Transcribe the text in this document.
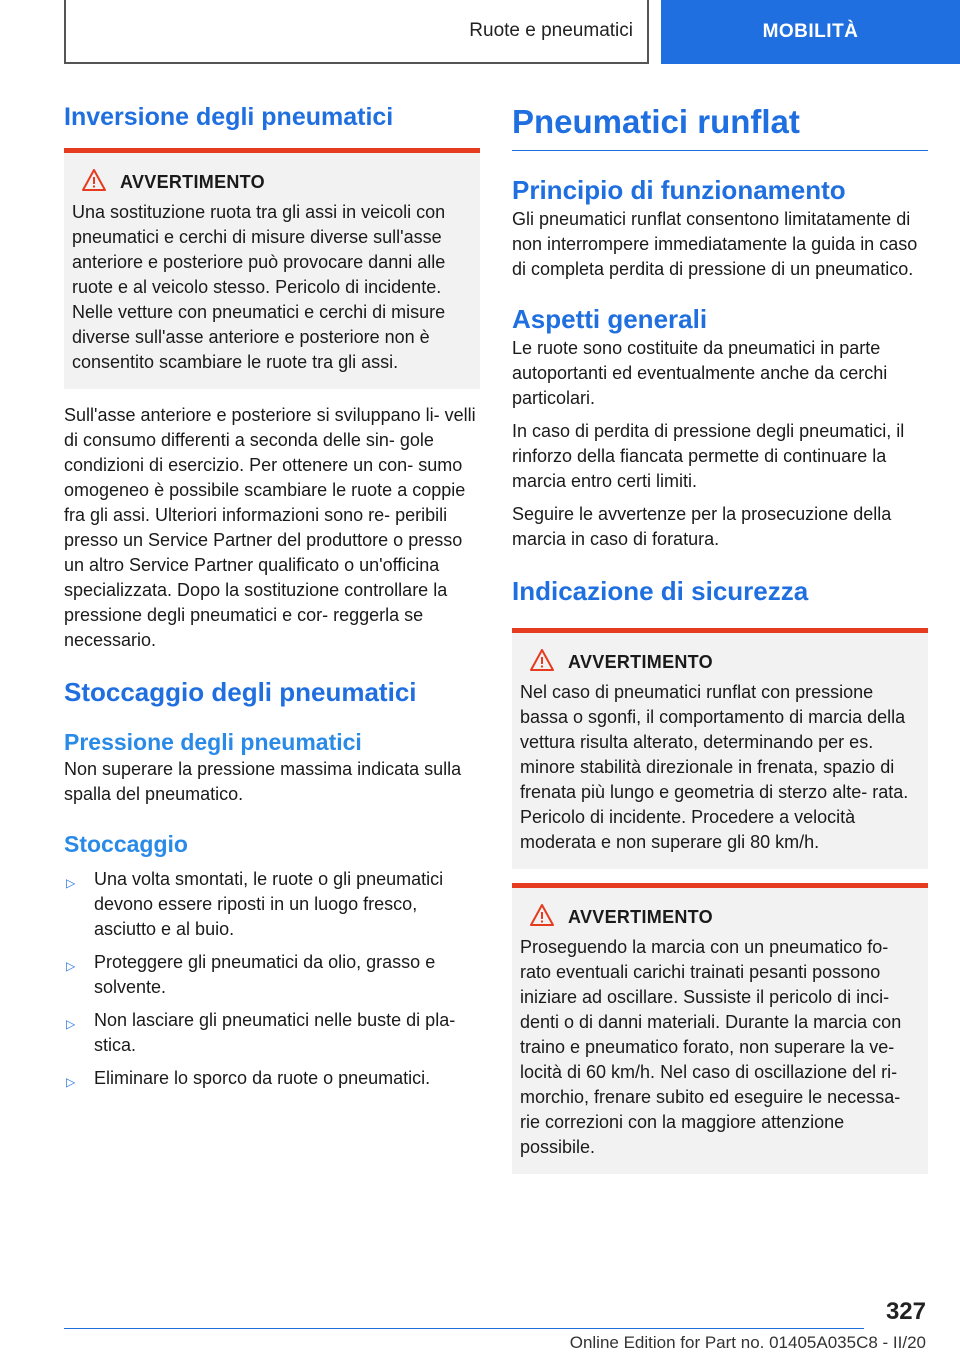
Ruote e pneumatici	MOBILITÀ
Inversione degli pneumatici
AVVERTIMENTO

Una sostituzione ruota tra gli assi in veicoli con pneumatici e cerchi di misure diverse sull'asse anteriore e posteriore può provocare danni alle ruote e al veicolo stesso. Pericolo di incidente. Nelle vetture con pneumatici e cerchi di misure diverse sull'asse anteriore e posteriore non è consentito scambiare le ruote tra gli assi.

Sull'asse anteriore e posteriore si sviluppano li- velli di consumo differenti a seconda delle sin- gole condizioni di esercizio. Per ottenere un con- sumo omogeneo è possibile scambiare le ruote a coppie fra gli assi. Ulteriori informazioni sono re- peribili presso un Service Partner del produttore o presso un altro Service Partner qualificato o un'officina specializzata. Dopo la sostituzione controllare la pressione degli pneumatici e cor- reggerla se necessario.

Stoccaggio degli pneumatici
Pressione degli pneumatici

Non superare la pressione massima indicata sulla spalla del pneumatico.

Stoccaggio
▷ Una volta smontati, le ruote o gli pneumatici devono essere riposti in un luogo fresco, asciutto e al buio.
▷ Proteggere gli pneumatici da olio, grasso e solvente.
▷ Non lasciare gli pneumatici nelle buste di pla- stica.
▷ Eliminare lo sporco da ruote o pneumatici.
Pneumatici runflat
Principio di funzionamento

Gli pneumatici runflat consentono limitatamente di non interrompere immediatamente la guida in caso di completa perdita di pressione di un pneumatico.

Aspetti generali

Le ruote sono costituite da pneumatici in parte autoportanti ed eventualmente anche da cerchi particolari.

In caso di perdita di pressione degli pneumatici, il rinforzo della fiancata permette di continuare la marcia entro certi limiti.

Seguire le avvertenze per la prosecuzione della marcia in caso di foratura.

Indicazione di sicurezza
AVVERTIMENTO

Nel caso di pneumatici runflat con pressione bassa o sgonfi, il comportamento di marcia della vettura risulta alterato, determinando per es. minore stabilità direzionale in frenata, spazio di frenata più lungo e geometria di sterzo alte- rata. Pericolo di incidente. Procedere a velocità moderata e non superare gli 80 km/h.

AVVERTIMENTO

Proseguendo la marcia con un pneumatico fo- rato eventuali carichi trainati pesanti possono iniziare ad oscillare. Sussiste il pericolo di inci- denti o di danni materiali. Durante la marcia con traino e pneumatico forato, non superare la ve- locità di 60 km/h. Nel caso di oscillazione del ri- morchio, frenare subito ed eseguire le necessa- rie correzioni con la maggiore attenzione possibile.

327
Online Edition for Part no. 01405A035C8 - II/20
